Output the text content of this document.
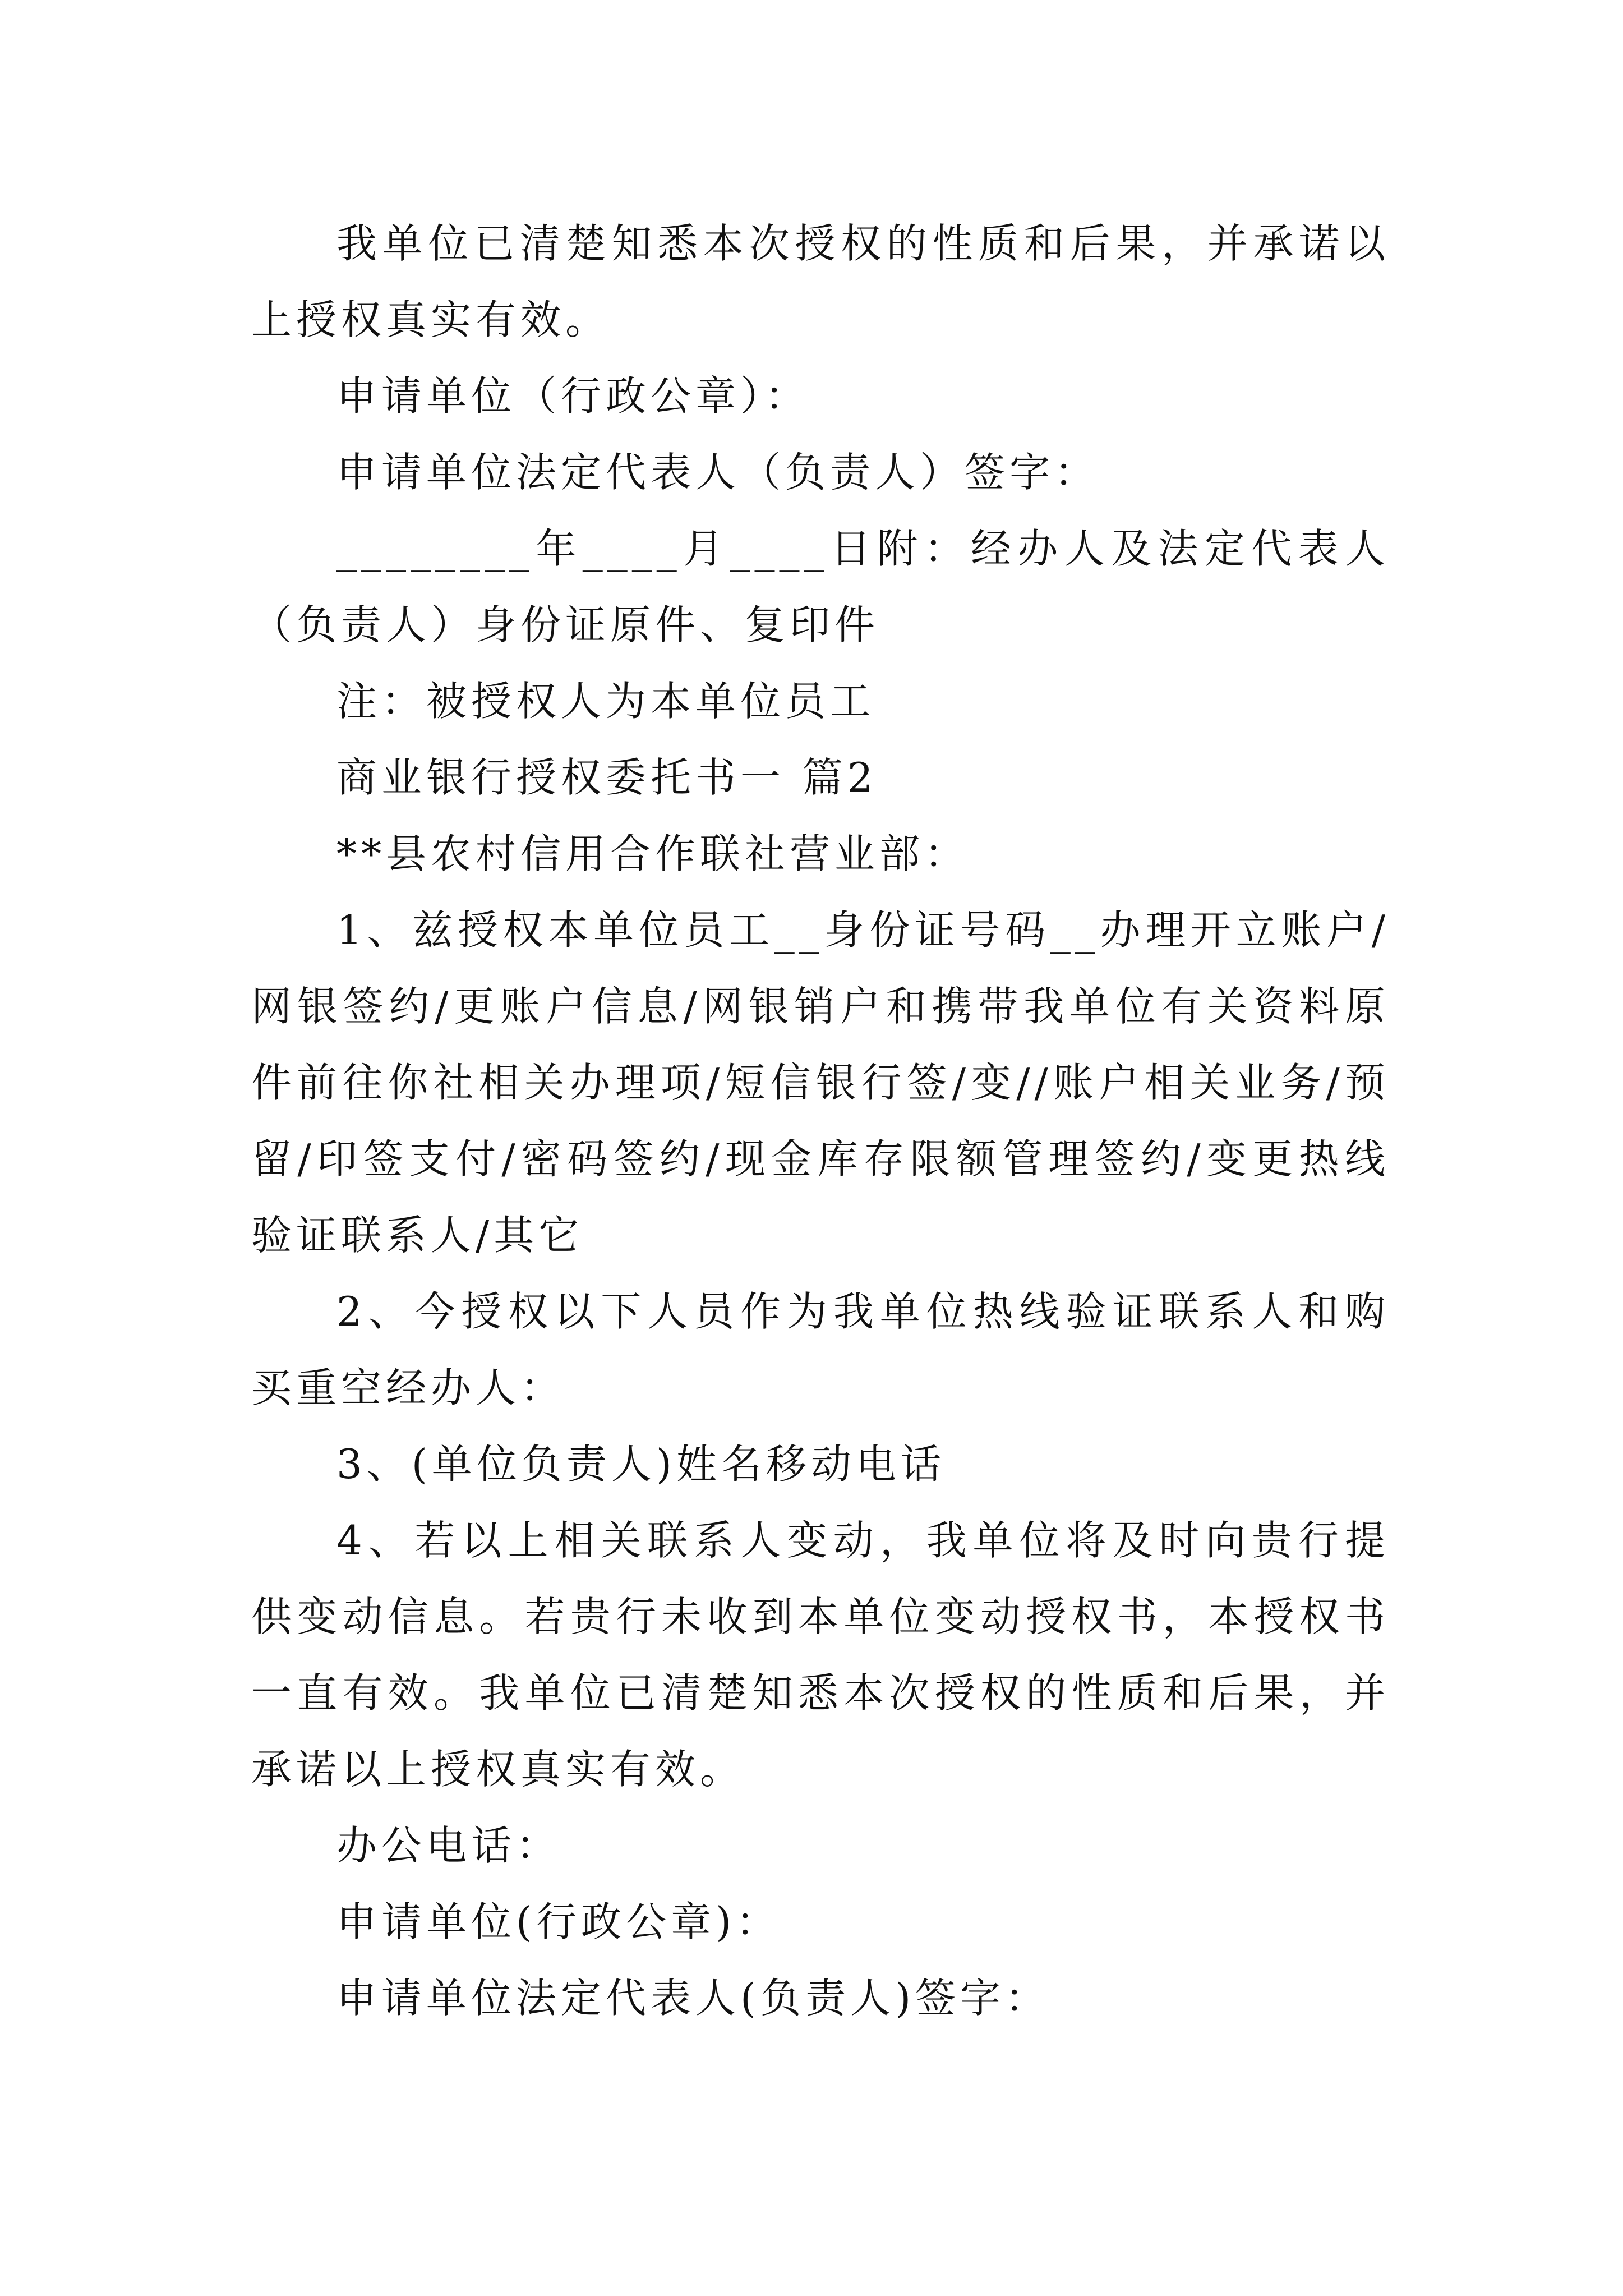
我单位已清楚知悉本次授权的性质和后果，并承诺以上授权真实有效。

申请单位（行政公章）：

申请单位法定代表人（负责人）签字：

________年____月____日附：经办人及法定代表人（负责人）身份证原件、复印件

注：被授权人为本单位员工

商业银行授权委托书一 篇2

**县农村信用合作联社营业部：

1、兹授权本单位员工__身份证号码__办理开立账户/网银签约/更账户信息/网银销户和携带我单位有关资料原件前往你社相关办理项/短信银行签/变//账户相关业务/预留/印签支付/密码签约/现金库存限额管理签约/变更热线验证联系人/其它

2、今授权以下人员作为我单位热线验证联系人和购买重空经办人：

3、(单位负责人)姓名移动电话

4、若以上相关联系人变动，我单位将及时向贵行提供变动信息。若贵行未收到本单位变动授权书，本授权书一直有效。我单位已清楚知悉本次授权的性质和后果，并承诺以上授权真实有效。

办公电话：

申请单位(行政公章)：

申请单位法定代表人(负责人)签字：
